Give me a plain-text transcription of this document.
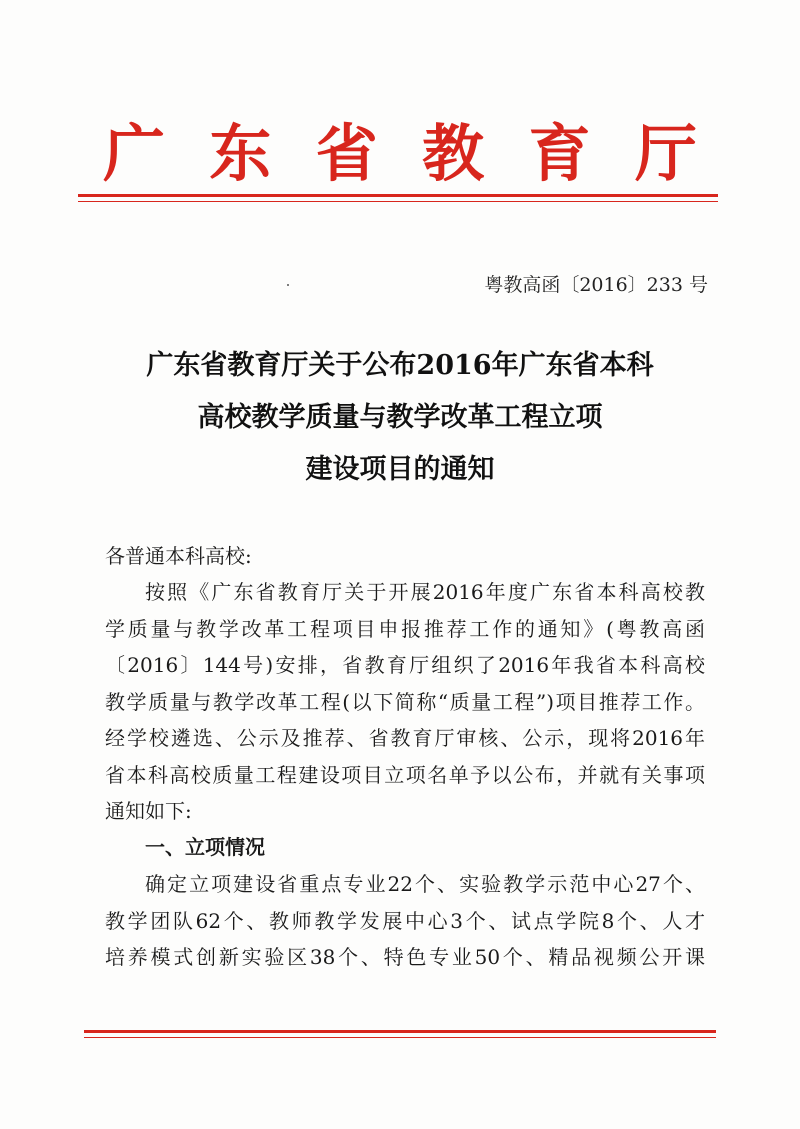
广 东 省 教 育 厅
粤教高函〔2016〕233 号
广东省教育厅关于公布2016年广东省本科
高校教学质量与教学改革工程立项
建设项目的通知
各普通本科高校:
按照《广东省教育厅关于开展2016年度广东省本科高校教
学质量与教学改革工程项目申报推荐工作的通知》(粤教高函
〔2016〕144号)安排，省教育厅组织了2016年我省本科高校
教学质量与教学改革工程(以下简称“质量工程”)项目推荐工作。
经学校遴选、公示及推荐、省教育厅审核、公示，现将2016年
省本科高校质量工程建设项目立项名单予以公布，并就有关事项
通知如下:
一、立项情况
确定立项建设省重点专业22个、实验教学示范中心27个、
教学团队62个、教师教学发展中心3个、试点学院8个、人才
培养模式创新实验区38个、特色专业50个、精品视频公开课
